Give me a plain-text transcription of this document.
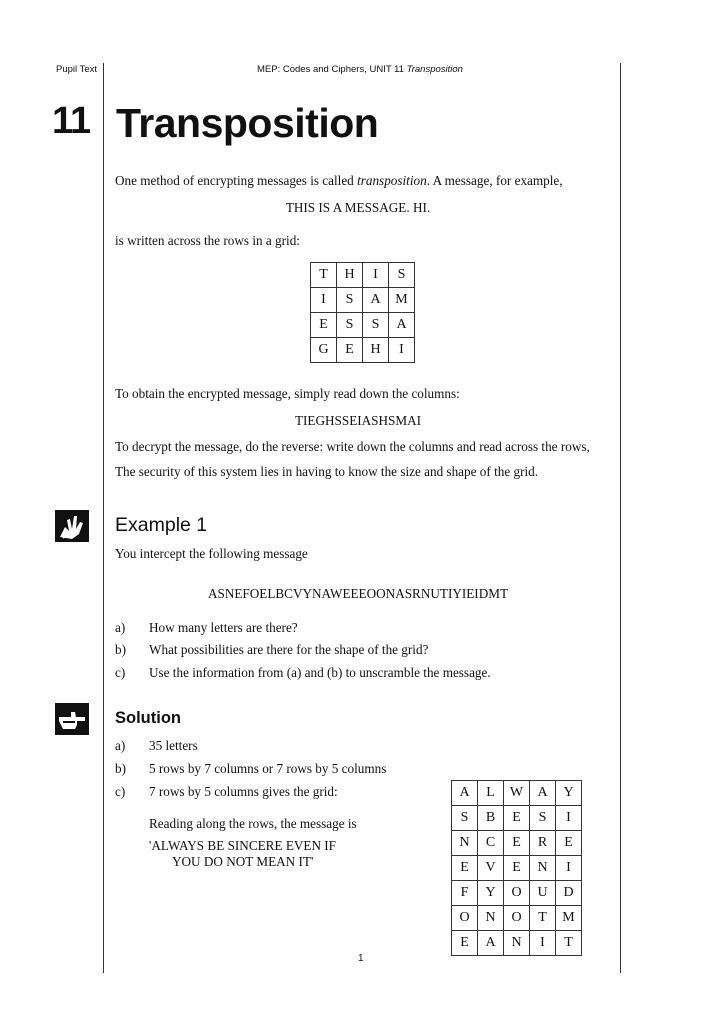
Pupil Text	MEP: Codes and Ciphers, UNIT 11 Transposition
11 Transposition
One method of encrypting messages is called transposition. A message, for example,
THIS IS A MESSAGE. HI.
is written across the rows in a grid:
T	H	I	S
I	S	A	M
E	S	S	A
G	E	H	I
To obtain the encrypted message, simply read down the columns:
TIEGHSSEIASHSMAI
To decrypt the message, do the reverse: write down the columns and read across the rows,
The security of this system lies in having to know the size and shape of the grid.
Example 1
You intercept the following message
ASNEFOELBCVYNAWEEEOONASRNUTIYIEIDMT
a) How many letters are there?
b) What possibilities are there for the shape of the grid?
c) Use the information from (a) and (b) to unscramble the message.
Solution
a) 35 letters
b) 5 rows by 7 columns or 7 rows by 5 columns
c) 7 rows by 5 columns gives the grid:
Reading along the rows, the message is
'ALWAYS BE SINCERE EVEN IF
YOU DO NOT MEAN IT'
A	L	W	A	Y
S	B	E	S	I
N	C	E	R	E
E	V	E	N	I
F	Y	O	U	D
O	N	O	T	M
E	A	N	I	T
1
